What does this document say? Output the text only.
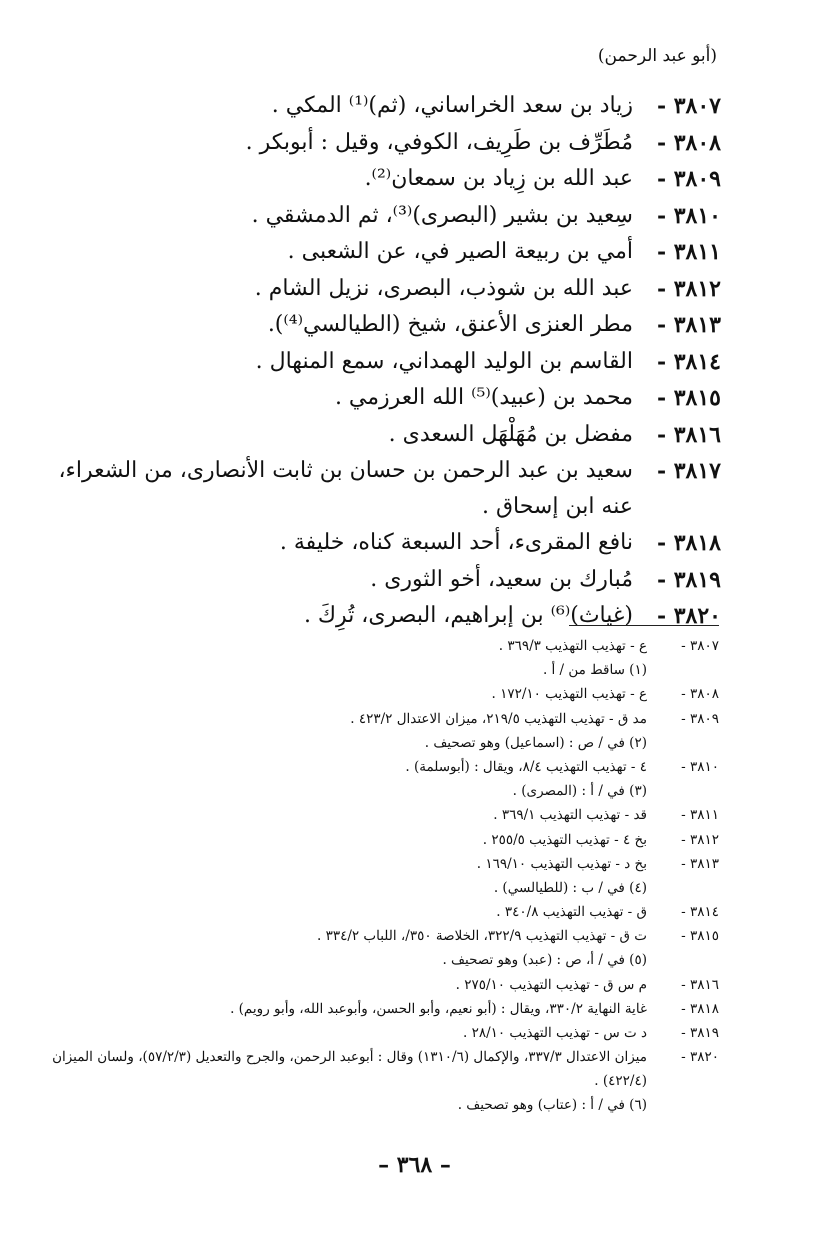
(أبو عبد الرحمن)
٣٨٠٧ -
زياد بن سعد الخراساني، (ثم)⁽¹⁾ المكي .
٣٨٠٨ -
مُطَرِّف بن طَرِيف، الكوفي، وقيل : أبوبكر .
٣٨٠٩ -
عبد الله بن زِياد بن سمعان⁽²⁾.
٣٨١٠ -
سِعيد بن بشير (البصرى)⁽³⁾، ثم الدمشقي .
٣٨١١ -
أمي بن ربيعة الصير في، عن الشعبى .
٣٨١٢ -
عبد الله بن شوذب، البصرى، نزيل الشام .
٣٨١٣ -
مطر العنزى الأعنق، شيخ (الطيالسي⁽⁴⁾).
٣٨١٤ -
القاسم بن الوليد الهمداني، سمع المنهال .
٣٨١٥ -
محمد بن (عبيد)⁽⁵⁾ الله العرزمي .
٣٨١٦ -
مفضل بن مُهَلْهَل السعدى .
٣٨١٧ -
سعيد بن عبد الرحمن بن حسان بن ثابت الأنصارى، من الشعراء، عنه ابن إسحاق .
٣٨١٨ -
نافع المقرىء، أحد السبعة كناه، خليفة .
٣٨١٩ -
مُبارك بن سعيد، أخو الثورى .
٣٨٢٠ -
(غياث)⁽⁶⁾ بن إبراهيم، البصرى، تُرِكَ .
٣٨٠٧ -
ع - تهذيب التهذيب ٣٦٩/٣ .
(١) ساقط من / أ .
٣٨٠٨ -
ع - تهذيب التهذيب ١٧٢/١٠ .
٣٨٠٩ -
مد ق - تهذيب التهذيب ٢١٩/٥، ميزان الاعتدال ٤٢٣/٢ .
(٢) في / ص : (اسماعيل) وهو تصحيف .
٣٨١٠ -
٤ - تهذيب التهذيب ٨/٤، ويقال : (أبوسلمة) .
(٣) في / أ : (المصرى) .
٣٨١١ -
قد - تهذيب التهذيب ٣٦٩/١ .
٣٨١٢ -
بخ ٤ - تهذيب التهذيب ٢٥٥/٥ .
٣٨١٣ -
بخ د - تهذيب التهذيب ١٦٩/١٠ .
(٤) في / ب : (للطيالسي) .
٣٨١٤ -
ق - تهذيب التهذيب ٣٤٠/٨ .
٣٨١٥ -
ت ق - تهذيب التهذيب ٣٢٢/٩، الخلاصة ٣٥٠/، اللباب ٣٣٤/٢ .
(٥) في / أ، ص : (عبد) وهو تصحيف .
٣٨١٦ -
م س ق - تهذيب التهذيب ٢٧٥/١٠ .
٣٨١٨ -
غاية النهاية ٣٣٠/٢، ويقال : (أبو نعيم، وأبو الحسن، وأبوعبد الله، وأبو رويم) .
٣٨١٩ -
د ت س - تهذيب التهذيب ٢٨/١٠ .
٣٨٢٠ -
ميزان الاعتدال ٣٣٧/٣، والإكمال (١٣١٠/٦) وقال : أبوعبد الرحمن، والجرح والتعديل (٥٧/٢/٣)، ولسان الميزان (٤٢٢/٤) .
(٦) في / أ : (عتاب) وهو تصحيف .
– ٣٦٨ –
